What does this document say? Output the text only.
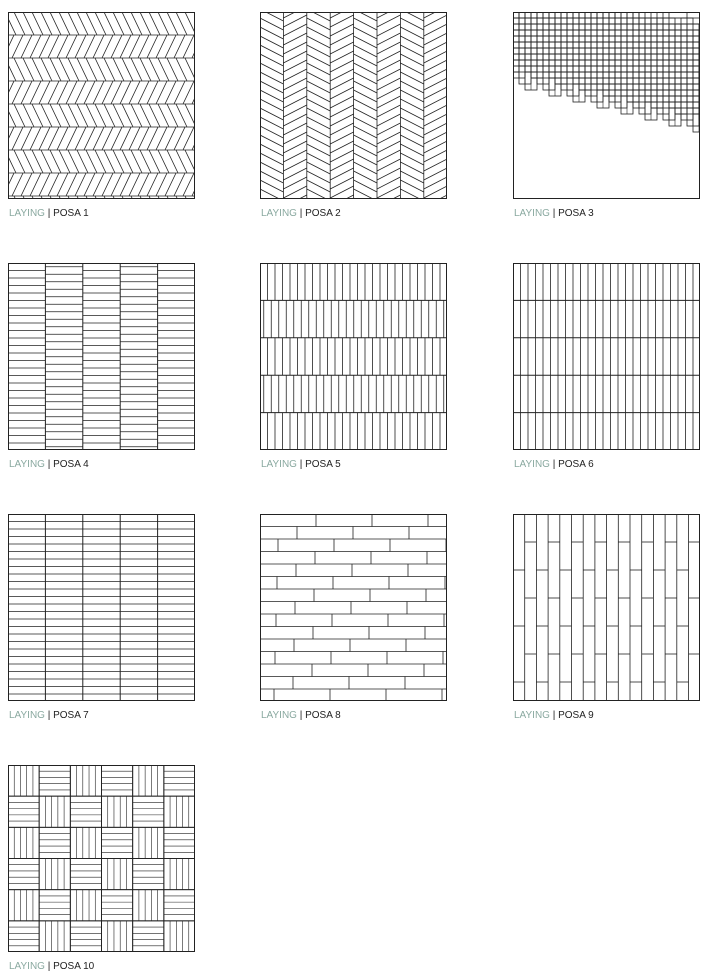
LAYING | POSA 1	LAYING | POSA 2	LAYING | POSA 3
LAYING | POSA 4	LAYING | POSA 5	LAYING | POSA 6
LAYING | POSA 7	LAYING | POSA 8	LAYING | POSA 9
LAYING | POSA 10
